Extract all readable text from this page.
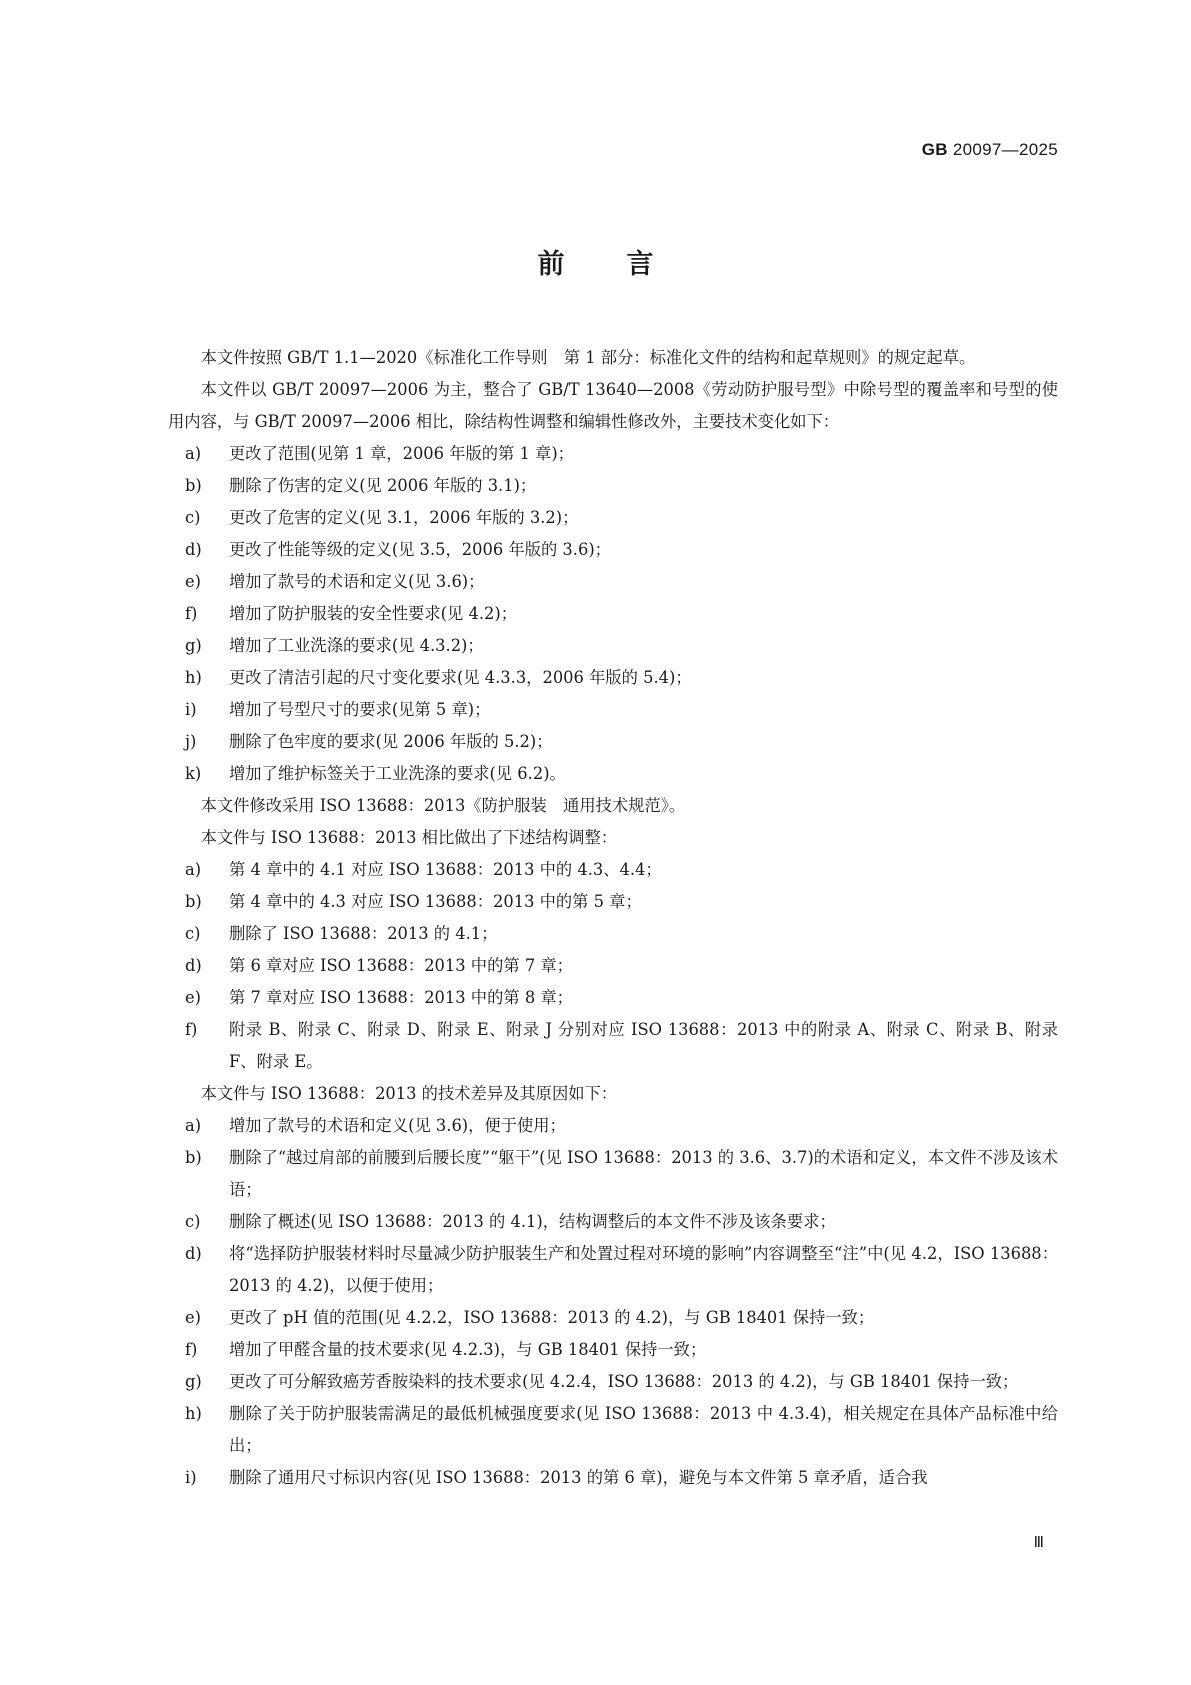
GB 20097—2025
前言

本文件按照 GB/T 1.1—2020《标准化工作导则　第 1 部分：标准化文件的结构和起草规则》的规定起草。

本文件以 GB/T 20097—2006 为主，整合了 GB/T 13640—2008《劳动防护服号型》中除号型的覆盖率和号型的使用内容，与 GB/T 20097—2006 相比，除结构性调整和编辑性修改外，主要技术变化如下：

a)	更改了范围(见第 1 章，2006 年版的第 1 章)；
b)	删除了伤害的定义(见 2006 年版的 3.1)；
c)	更改了危害的定义(见 3.1，2006 年版的 3.2)；
d)	更改了性能等级的定义(见 3.5，2006 年版的 3.6)；
e)	增加了款号的术语和定义(见 3.6)；
f)	增加了防护服装的安全性要求(见 4.2)；
g)	增加了工业洗涤的要求(见 4.3.2)；
h)	更改了清洁引起的尺寸变化要求(见 4.3.3，2006 年版的 5.4)；
i)	增加了号型尺寸的要求(见第 5 章)；
j)	删除了色牢度的要求(见 2006 年版的 5.2)；
k)	增加了维护标签关于工业洗涤的要求(见 6.2)。

本文件修改采用 ISO 13688：2013《防护服装　通用技术规范》。

本文件与 ISO 13688：2013 相比做出了下述结构调整：

a)	第 4 章中的 4.1 对应 ISO 13688：2013 中的 4.3、4.4；
b)	第 4 章中的 4.3 对应 ISO 13688：2013 中的第 5 章；
c)	删除了 ISO 13688：2013 的 4.1；
d)	第 6 章对应 ISO 13688：2013 中的第 7 章；
e)	第 7 章对应 ISO 13688：2013 中的第 8 章；
f)	附录 B、附录 C、附录 D、附录 E、附录 J 分别对应 ISO 13688：2013 中的附录 A、附录 C、附录 B、附录 F、附录 E。

本文件与 ISO 13688：2013 的技术差异及其原因如下：

a)	增加了款号的术语和定义(见 3.6)，便于使用；
b)	删除了“越过肩部的前腰到后腰长度”“躯干”(见 ISO 13688：2013 的 3.6、3.7)的术语和定义，本文件不涉及该术语；
c)	删除了概述(见 ISO 13688：2013 的 4.1)，结构调整后的本文件不涉及该条要求；
d)	将“选择防护服装材料时尽量减少防护服装生产和处置过程对环境的影响”内容调整至“注”中(见 4.2，ISO 13688：2013 的 4.2)，以便于使用；
e)	更改了 pH 值的范围(见 4.2.2，ISO 13688：2013 的 4.2)，与 GB 18401 保持一致；
f)	增加了甲醛含量的技术要求(见 4.2.3)，与 GB 18401 保持一致；
g)	更改了可分解致癌芳香胺染料的技术要求(见 4.2.4，ISO 13688：2013 的 4.2)，与 GB 18401 保持一致；
h)	删除了关于防护服装需满足的最低机械强度要求(见 ISO 13688：2013 中 4.3.4)，相关规定在具体产品标准中给出；
i)	删除了通用尺寸标识内容(见 ISO 13688：2013 的第 6 章)，避免与本文件第 5 章矛盾，适合我
Ⅲ
